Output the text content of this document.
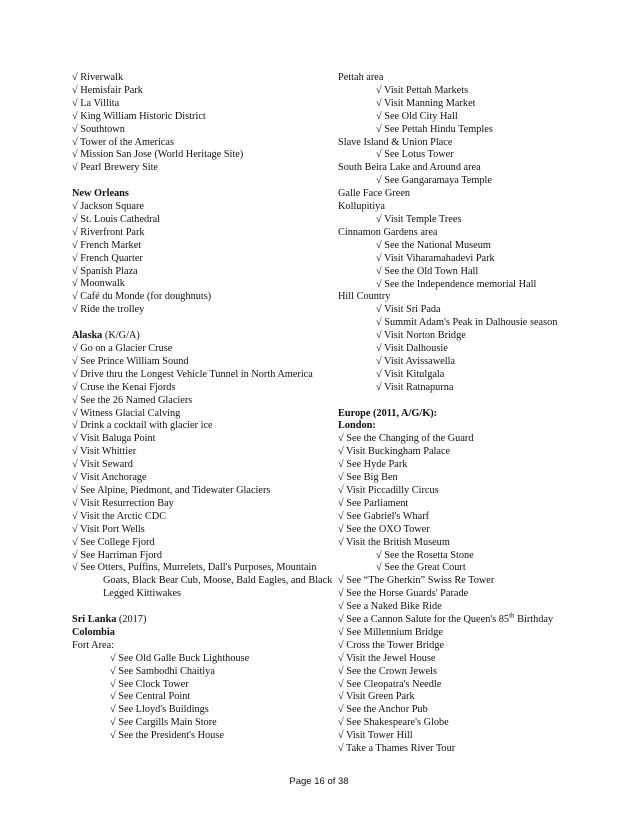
√ Riverwalk
√ Hemisfair Park
√ La Villita
√ King William Historic District
√ Southtown
√ Tower of the Americas
√ Mission San Jose (World Heritage Site)
√ Pearl Brewery Site
New Orleans
√ Jackson Square
√ St. Louis Cathedral
√ Riverfront Park
√ French Market
√ French Quarter
√ Spanish Plaza
√ Moonwalk
√ Café du Monde (for doughnuts)
√ Ride the trolley
Alaska (K/G/A)
√ Go on a Glacier Cruse
√ See Prince William Sound
√ Drive thru the Longest Vehicle Tunnel in North America
√ Cruse the Kenai Fjords
√ See the 26 Named Glaciers
√ Witness Glacial Calving
√ Drink a cocktail with glacier ice
√ Visit Baluga Point
√ Visit Whittier
√ Visit Seward
√ Visit Anchorage
√ See Alpine, Piedmont, and Tidewater Glaciers
√ Visit Resurrection Bay
√ Visit the Arctic CDC
√ Visit Port Wells
√ See College Fjord
√ See Harriman Fjord
√ See Otters, Puffins, Murrelets, Dall's Purposes, Mountain Goats, Black Bear Cub, Moose, Bald Eagles, and Black Legged Kittiwakes
Sri Lanka (2017)
Colombia
Fort Area:
√ See Old Galle Buck Lighthouse
√ See Sambodhi Chaitiya
√ See Clock Tower
√ See Central Point
√ See Lloyd's Buildings
√ See Cargills Main Store
√ See the President's House
Pettah area
√ Visit Pettah Markets
√ Visit Manning Market
√ See Old City Hall
√ See Pettah Hindu Temples
Slave Island & Union Place
√ See Lotus Tower
South Beira Lake and Around area
√ See Gangaramaya Temple
Galle Face Green
Kollupitiya
√ Visit Temple Trees
Cinnamon Gardens area
√ See the National Museum
√ Visit Viharamahadevi Park
√ See the Old Town Hall
√ See the Independence memorial Hall
Hill Country
√ Visit Sri Pada
√ Summit Adam's Peak in Dalhousie season
√ Visit Norton Bridge
√ Visit Dalhousie
√ Visit Avissawella
√ Visit Kitulgala
√ Visit Ratnapurna
Europe (2011, A/G/K):
London:
√ See the Changing of the Guard
√ Visit Buckingham Palace
√ See Hyde Park
√ See Big Ben
√ Visit Piccadilly Circus
√ See Parliament
√ See Gabriel's Wharf
√ See the OXO Tower
√ Visit the British Museum
√ See the Rosetta Stone
√ See the Great Court
√ See “The Gherkin” Swiss Re Tower
√ See the Horse Guards' Parade
√ See a Naked Bike Ride
√ See a Cannon Salute for the Queen's 85th Birthday
√ See Millennium Bridge
√ Cross the Tower Bridge
√ Visit the Jewel House
√ See the Crown Jewels
√ See Cleopatra's Needle
√ Visit Green Park
√ See the Anchor Pub
√ See Shakespeare's Globe
√ Visit Tower Hill
√ Take a Thames River Tour
Page 16 of 38
